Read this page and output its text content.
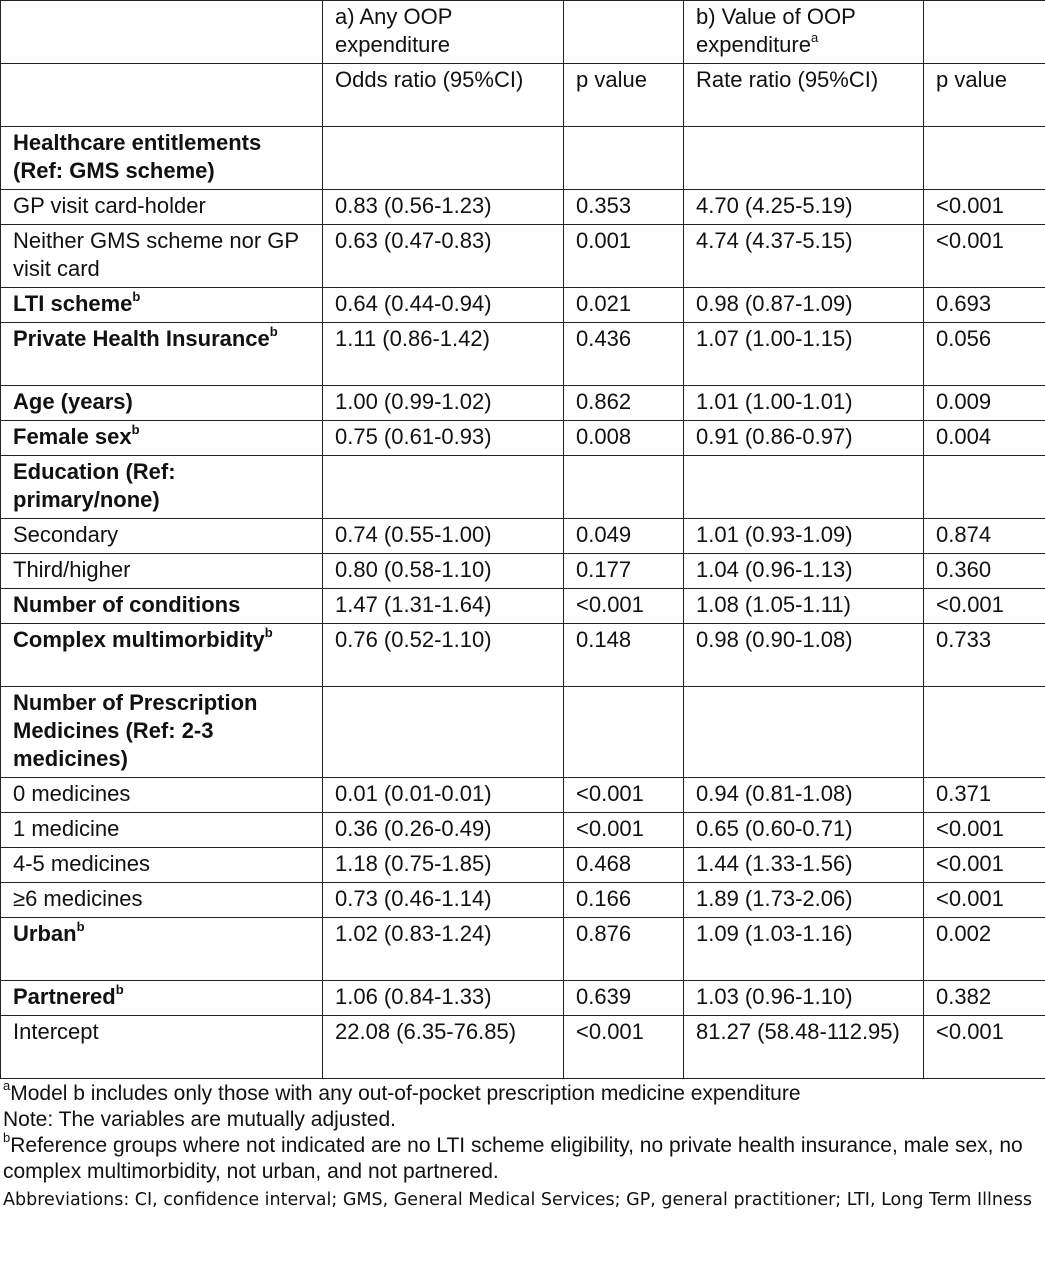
	a) Any OOP expenditure		b) Value of OOP expenditure$^a$	
	Odds ratio (95%CI)	p value	Rate ratio (95%CI)	p value
Healthcare entitlements (Ref: GMS scheme)				
GP visit card-holder	0.83 (0.56-1.23)	0.353	4.70 (4.25-5.19)	<0.001
Neither GMS scheme nor GP visit card	0.63 (0.47-0.83)	0.001	4.74 (4.37-5.15)	<0.001
LTI scheme$^b$	0.64 (0.44-0.94)	0.021	0.98 (0.87-1.09)	0.693
Private Health Insurance$^b$	1.11 (0.86-1.42)	0.436	1.07 (1.00-1.15)	0.056
Age (years)	1.00 (0.99-1.02)	0.862	1.01 (1.00-1.01)	0.009
Female sex$^b$	0.75 (0.61-0.93)	0.008	0.91 (0.86-0.97)	0.004
Education (Ref: primary/none)				
Secondary	0.74 (0.55-1.00)	0.049	1.01 (0.93-1.09)	0.874
Third/higher	0.80 (0.58-1.10)	0.177	1.04 (0.96-1.13)	0.360
Number of conditions	1.47 (1.31-1.64)	<0.001	1.08 (1.05-1.11)	<0.001
Complex multimorbidity$^b$	0.76 (0.52-1.10)	0.148	0.98 (0.90-1.08)	0.733
Number of Prescription Medicines (Ref: 2-3 medicines)				
0 medicines	0.01 (0.01-0.01)	<0.001	0.94 (0.81-1.08)	0.371
1 medicine	0.36 (0.26-0.49)	<0.001	0.65 (0.60-0.71)	<0.001
4-5 medicines	1.18 (0.75-1.85)	0.468	1.44 (1.33-1.56)	<0.001
≥6 medicines	0.73 (0.46-1.14)	0.166	1.89 (1.73-2.06)	<0.001
Urban$^b$	1.02 (0.83-1.24)	0.876	1.09 (1.03-1.16)	0.002
Partnered$^b$	1.06 (0.84-1.33)	0.639	1.03 (0.96-1.10)	0.382
Intercept	22.08 (6.35-76.85)	<0.001	81.27 (58.48-112.95)	<0.001
$^a$Model b includes only those with any out-of-pocket prescription medicine expenditure
Note: The variables are mutually adjusted.
$^b$Reference groups where not indicated are no LTI scheme eligibility, no private health insurance, male sex, no complex multimorbidity, not urban, and not partnered.
Abbreviations: CI, confidence interval; GMS, General Medical Services; GP, general practitioner; LTI, Long Term Illness
